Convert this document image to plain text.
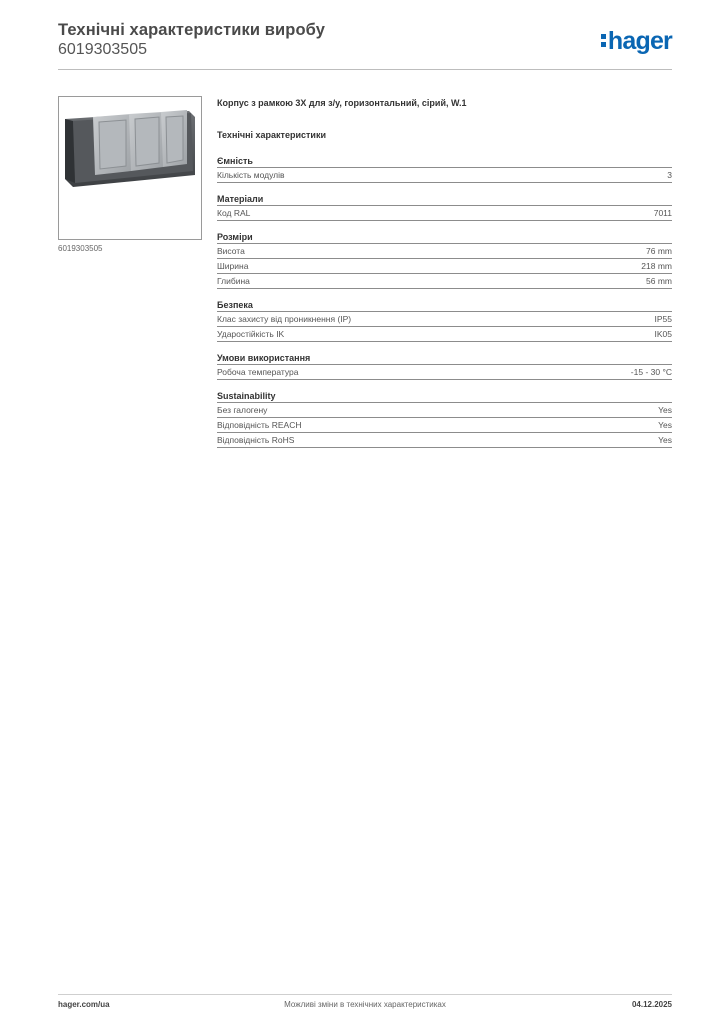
Технічні характеристики виробу
6019303505	hager
6019303505
Корпус з рамкою 3Х для з/у, горизонтальний, сірий, W.1
Технічні характеристики
Ємність
Кількість модулів	3
Матеріали
Код RAL	7011
Розміри
Висота	76 mm
Ширина	218 mm
Глибина	56 mm
Безпека
Клас захисту від проникнення (IP)	IP55
Ударостійкість IK	IK05
Умови використання
Робоча температура	-15 - 30 °C
Sustainability
Без галогену	Yes
Відповідність REACH	Yes
Відповідність RoHS	Yes
hager.com/ua	Можливі зміни в технічних характеристиках	04.12.2025
